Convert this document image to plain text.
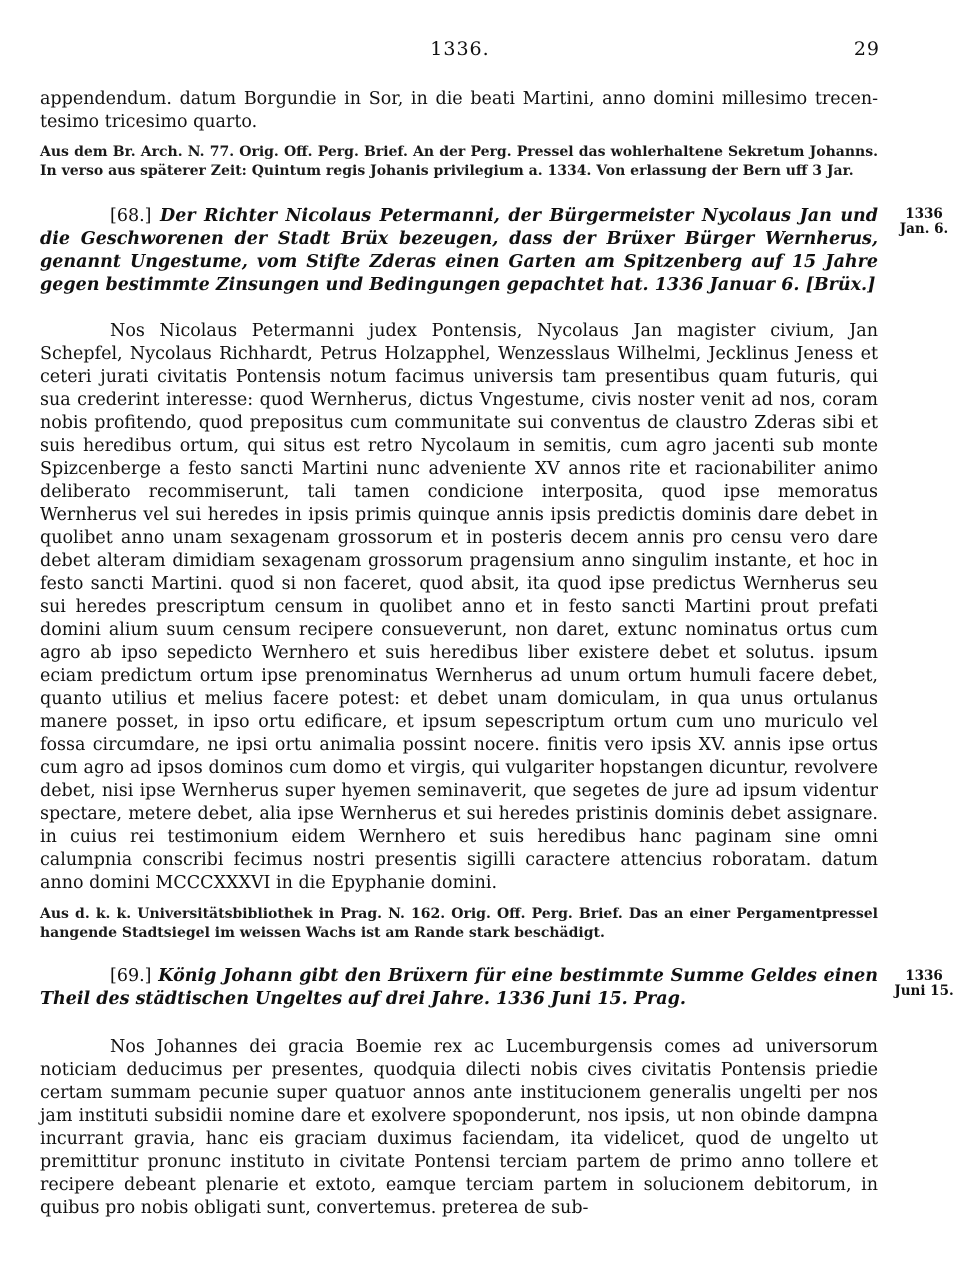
1336.	29

appendendum. datum Borgundie in Sor, in die beati Martini, anno domini millesimo trecen-tesimo tricesimo quarto.

Aus dem Br. Arch. N. 77. Orig. Off. Perg. Brief. An der Perg. Pressel das wohlerhaltene Sekretum Johanns. In verso aus späterer Zeit: Quintum regis Johanis privilegium a. 1334. Von erlassung der Bern uff 3 Jar.

[68.] Der Richter Nicolaus Petermanni, der Bürgermeister Nycolaus Jan und die Geschworenen der Stadt Brüx bezeugen, dass der Brüxer Bürger Wernherus, genannt Ungestume, vom Stifte Zderas einen Garten am Spitzenberg auf 15 Jahre gegen bestimmte Zinsungen und Bedingungen gepachtet hat. 1336 Januar 6. [Brüx.]

1336
Jan. 6.

Nos Nicolaus Petermanni judex Pontensis, Nycolaus Jan magister civium, Jan Schepfel, Nycolaus Richhardt, Petrus Holzapphel, Wenzesslaus Wilhelmi, Jecklinus Jeness et ceteri jurati civitatis Pontensis notum facimus universis tam presentibus quam futuris, qui sua crederint interesse: quod Wernherus, dictus Vngestume, civis noster venit ad nos, coram nobis profitendo, quod prepositus cum communitate sui conventus de claustro Zderas sibi et suis heredibus ortum, qui situs est retro Nycolaum in semitis, cum agro jacenti sub monte Spizcenberge a festo sancti Martini nunc adveniente XV annos rite et racionabiliter animo deliberato recommiserunt, tali tamen condicione interposita, quod ipse memoratus Wernherus vel sui heredes in ipsis primis quinque annis ipsis predictis dominis dare debet in quolibet anno unam sexagenam grossorum et in posteris decem annis pro censu vero dare debet alteram dimidiam sexagenam grossorum pragensium anno singulim instante, et hoc in festo sancti Martini. quod si non faceret, quod absit, ita quod ipse predictus Wernherus seu sui heredes prescriptum censum in quolibet anno et in festo sancti Martini prout prefati domini alium suum censum recipere consueverunt, non daret, extunc nominatus ortus cum agro ab ipso sepedicto Wernhero et suis heredibus liber existere debet et solutus. ipsum eciam predictum ortum ipse prenominatus Wernherus ad unum ortum humuli facere debet, quanto utilius et melius facere potest: et debet unam domiculam, in qua unus ortulanus manere posset, in ipso ortu edificare, et ipsum sepescriptum ortum cum uno muriculo vel fossa circumdare, ne ipsi ortu animalia possint nocere. finitis vero ipsis XV. annis ipse ortus cum agro ad ipsos dominos cum domo et virgis, qui vulgariter hopstangen dicuntur, revolvere debet, nisi ipse Wernherus super hyemen seminaverit, que segetes de jure ad ipsum videntur spectare, metere debet, alia ipse Wernherus et sui heredes pristinis dominis debet assignare. in cuius rei testimonium eidem Wernhero et suis heredibus hanc paginam sine omni calumpnia conscribi fecimus nostri presentis sigilli caractere attencius roboratam. datum anno domini MCCCXXXVI in die Epyphanie domini.

Aus d. k. k. Universitätsbibliothek in Prag. N. 162. Orig. Off. Perg. Brief. Das an einer Pergamentpressel hangende Stadtsiegel im weissen Wachs ist am Rande stark beschädigt.

[69.] König Johann gibt den Brüxern für eine bestimmte Summe Geldes einen Theil des städtischen Ungeltes auf drei Jahre. 1336 Juni 15. Prag.

1336
Juni 15.

Nos Johannes dei gracia Boemie rex ac Lucemburgensis comes ad universorum noticiam deducimus per presentes, quodquia dilecti nobis cives civitatis Pontensis priedie certam summam pecunie super quatuor annos ante institucionem generalis ungelti per nos jam instituti subsidii nomine dare et exolvere spoponderunt, nos ipsis, ut non obinde dampna incurrant gravia, hanc eis graciam duximus faciendam, ita videlicet, quod de ungelto ut premittitur pronunc instituto in civitate Pontensi terciam partem de primo anno tollere et recipere debeant plenarie et extoto, eamque terciam partem in solucionem debitorum, in quibus pro nobis obligati sunt, convertemus. preterea de sub-
